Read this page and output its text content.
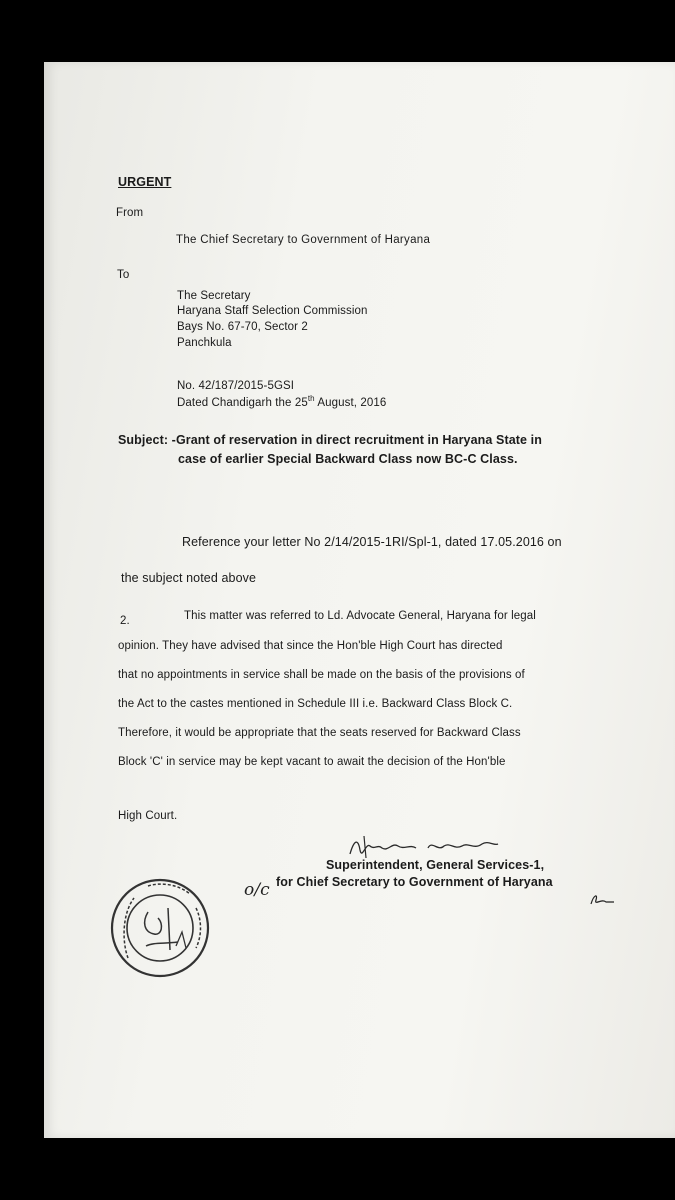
URGENT
From
The Chief Secretary to Government of Haryana
To
The Secretary
Haryana Staff Selection Commission
Bays No. 67-70, Sector 2
Panchkula
No. 42/187/2015-5GSI
Dated Chandigarh the 25th August, 2016
Subject: -Grant of reservation in direct recruitment in Haryana State in
case of earlier Special Backward Class now BC-C Class.
Reference your letter No 2/14/2015-1RI/Spl-1, dated 17.05.2016 on
the subject noted above
2.	This matter was referred to Ld. Advocate General, Haryana for legal
opinion. They have advised that since the Hon'ble High Court has directed
that no appointments in service shall be made on the basis of the provisions of
the Act to the castes mentioned in Schedule III i.e. Backward Class Block C.
Therefore, it would be appropriate that the seats reserved for Backward Class
Block 'C' in service may be kept vacant to await the decision of the Hon'ble
High Court.
Superintendent, General Services-1,
for Chief Secretary to Government of Haryana
o/c
